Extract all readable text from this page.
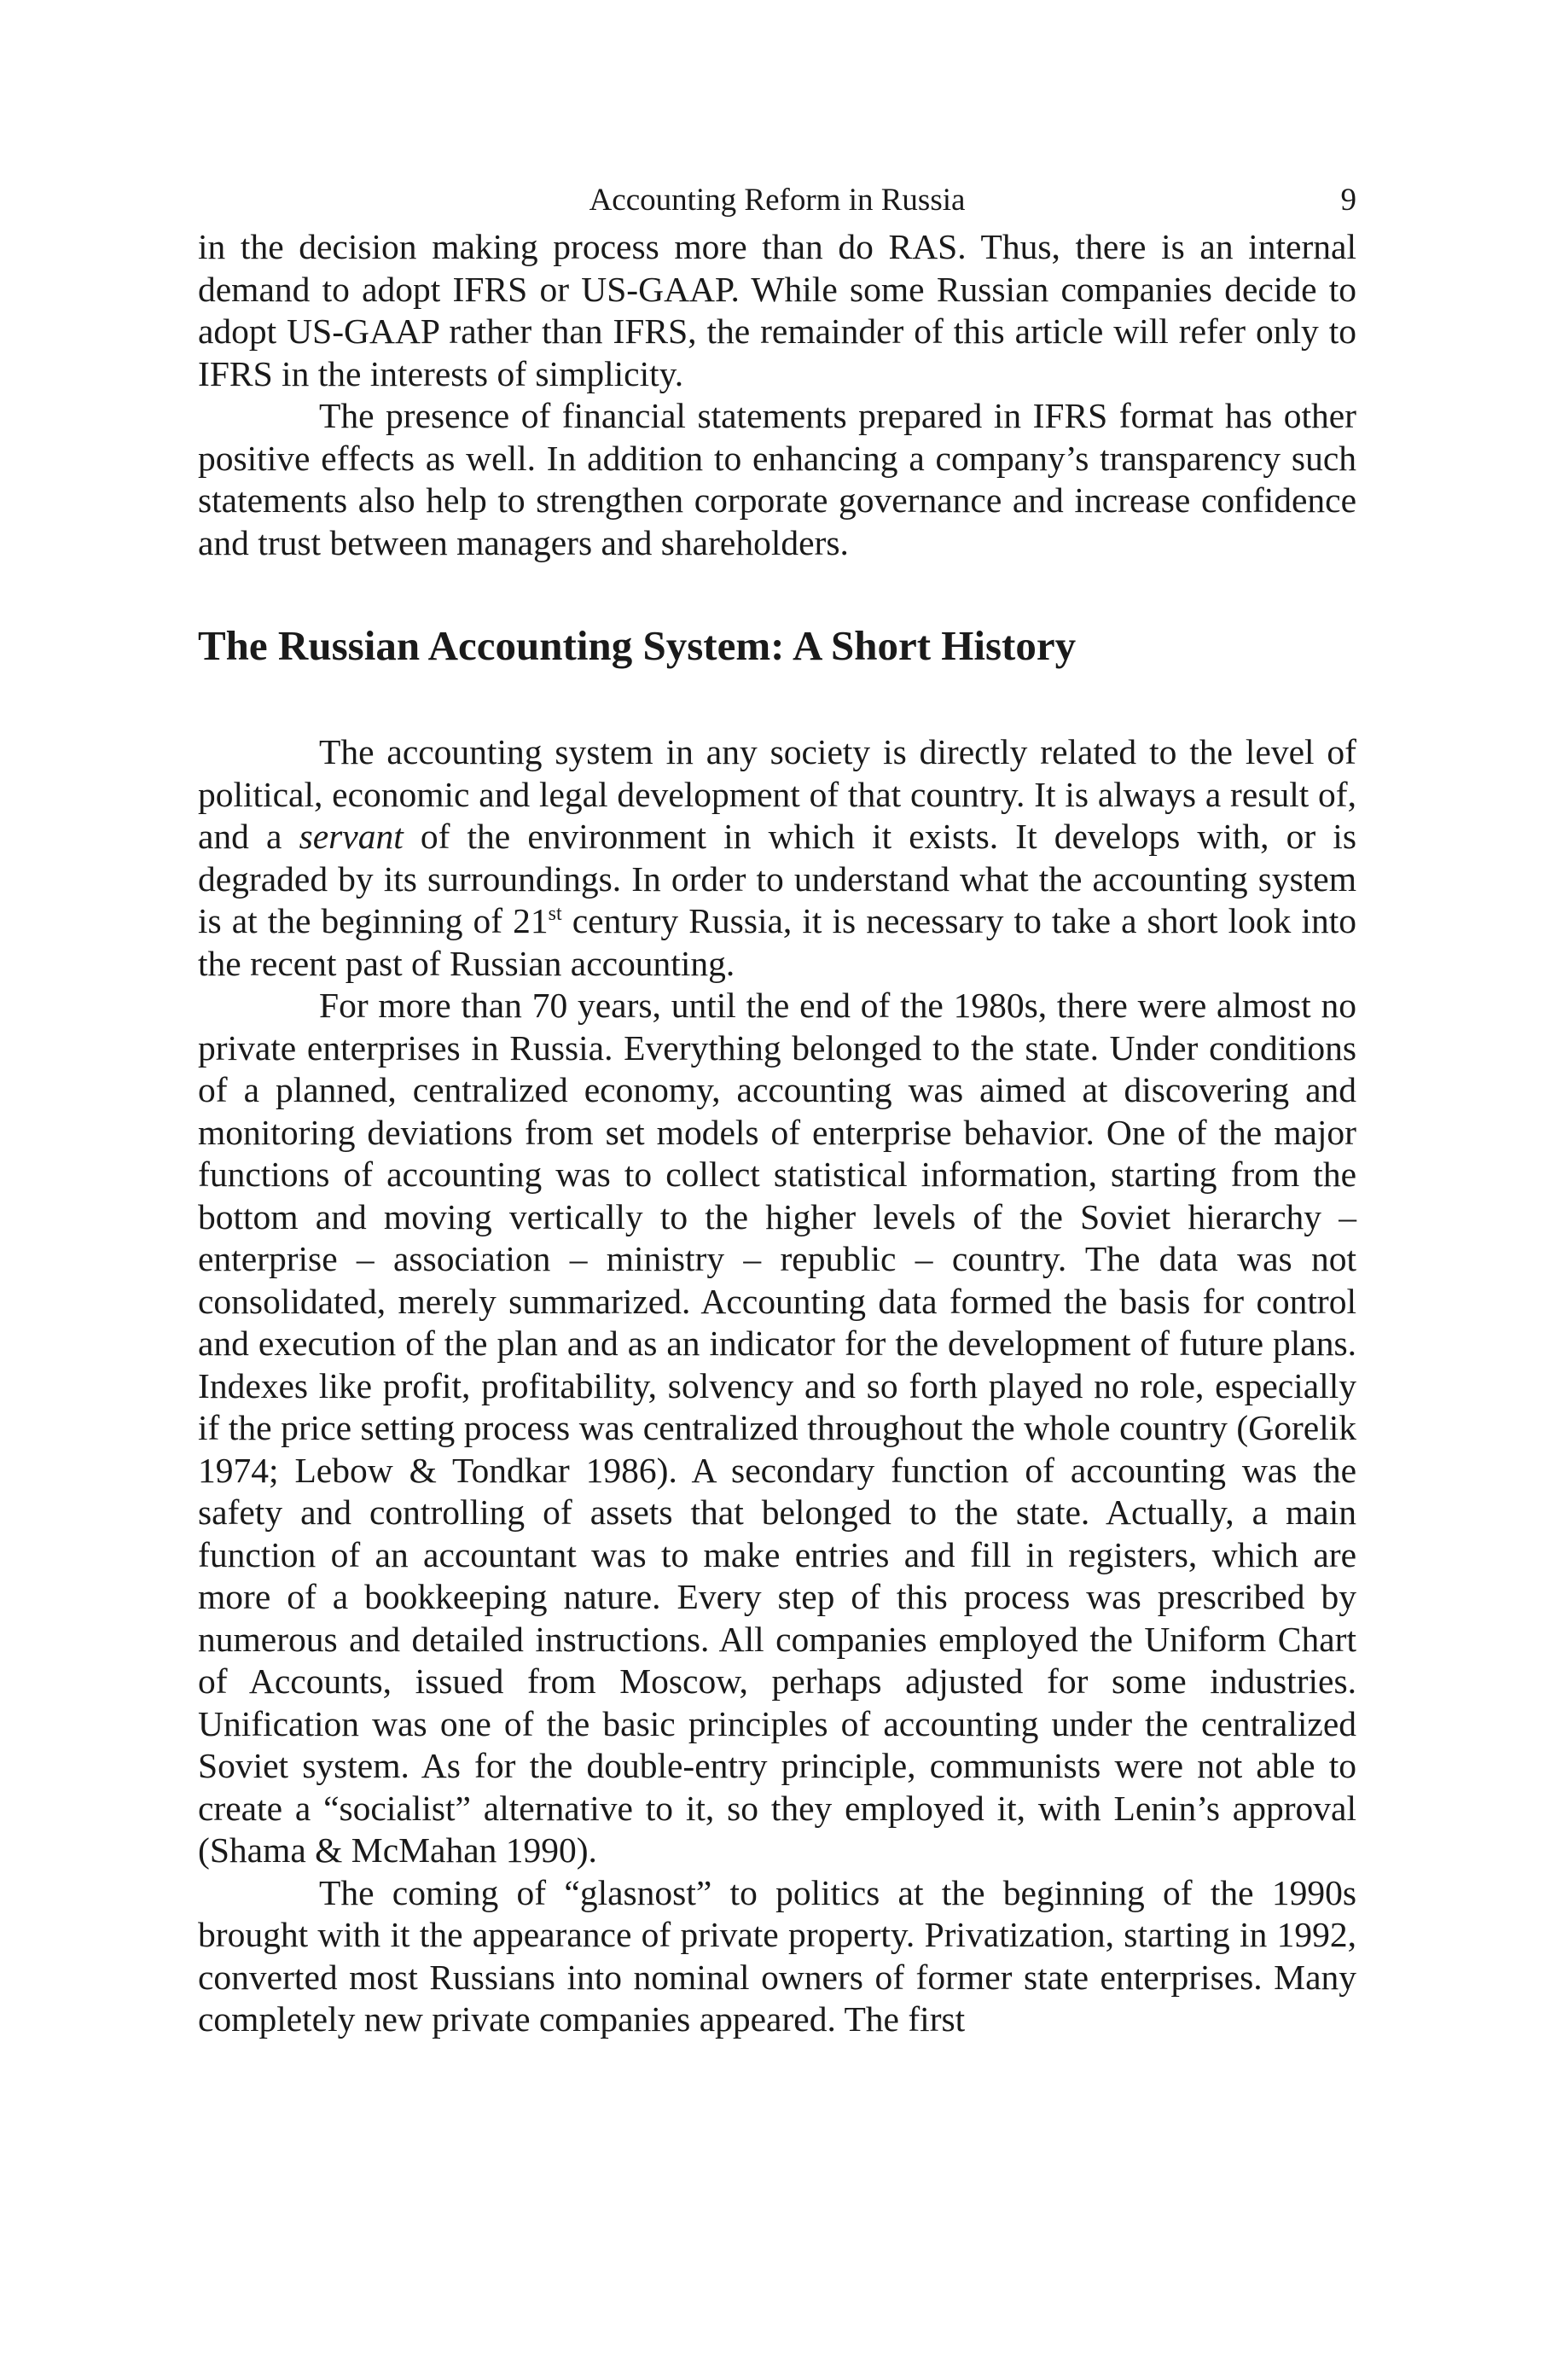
Accounting Reform in Russia	9

in the decision making process more than do RAS. Thus, there is an internal demand to adopt IFRS or US-GAAP. While some Russian companies decide to adopt US-GAAP rather than IFRS, the remainder of this article will refer only to IFRS in the interests of simplicity.

The presence of financial statements prepared in IFRS format has other positive effects as well. In addition to enhancing a company’s transparency such statements also help to strengthen corporate governance and increase confidence and trust between managers and shareholders.

The Russian Accounting System: A Short History

The accounting system in any society is directly related to the level of political, economic and legal development of that country. It is always a result of, and a servant of the environment in which it exists. It develops with, or is degraded by its surroundings. In order to understand what the accounting system is at the beginning of 21st century Russia, it is necessary to take a short look into the recent past of Russian accounting.

For more than 70 years, until the end of the 1980s, there were almost no private enterprises in Russia. Everything belonged to the state. Under conditions of a planned, centralized economy, accounting was aimed at discovering and monitoring deviations from set models of enterprise behavior. One of the major functions of accounting was to collect statistical information, starting from the bottom and moving vertically to the higher levels of the Soviet hierarchy – enterprise – association – ministry – republic – country. The data was not consolidated, merely summarized. Accounting data formed the basis for control and execution of the plan and as an indicator for the development of future plans. Indexes like profit, profitability, solvency and so forth played no role, especially if the price setting process was centralized throughout the whole country (Gorelik 1974; Lebow & Tondkar 1986). A secondary function of accounting was the safety and controlling of assets that belonged to the state. Actually, a main function of an accountant was to make entries and fill in registers, which are more of a bookkeeping nature. Every step of this process was prescribed by numerous and detailed instructions. All companies employed the Uniform Chart of Accounts, issued from Moscow, perhaps adjusted for some industries. Unification was one of the basic principles of accounting under the centralized Soviet system. As for the double-entry principle, communists were not able to create a “socialist” alternative to it, so they employed it, with Lenin’s approval (Shama & McMahan 1990).

The coming of “glasnost” to politics at the beginning of the 1990s brought with it the appearance of private property. Privatization, starting in 1992, converted most Russians into nominal owners of former state enterprises. Many completely new private companies appeared. The first
